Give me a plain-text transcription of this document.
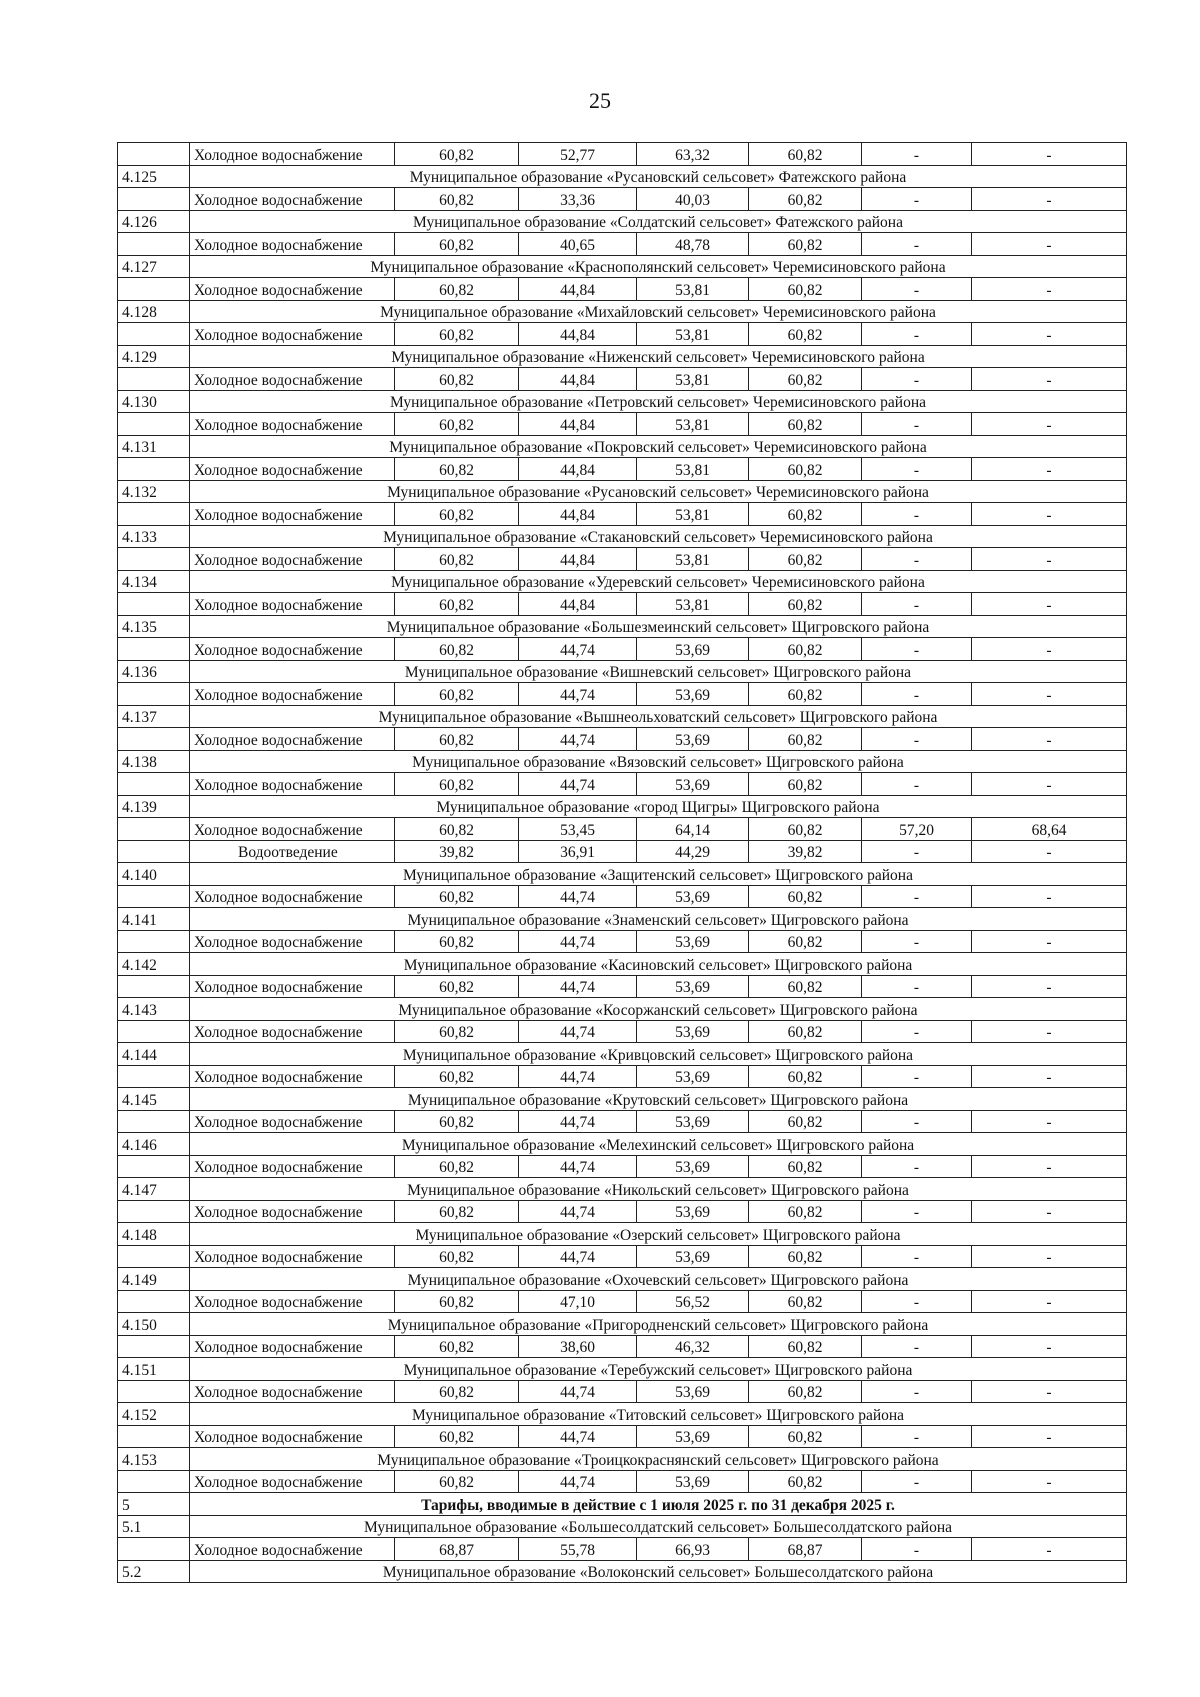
25
	Холодное водоснабжение	60,82	52,77	63,32	60,82	-	-
4.125	Муниципальное образование «Русановский сельсовет» Фатежского района						
	Холодное водоснабжение	60,82	33,36	40,03	60,82	-	-
4.126	Муниципальное образование «Солдатский сельсовет» Фатежского района						
	Холодное водоснабжение	60,82	40,65	48,78	60,82	-	-
4.127	Муниципальное образование «Краснополянский сельсовет» Черемисиновского района						
	Холодное водоснабжение	60,82	44,84	53,81	60,82	-	-
4.128	Муниципальное образование «Михайловский сельсовет» Черемисиновского района						
	Холодное водоснабжение	60,82	44,84	53,81	60,82	-	-
4.129	Муниципальное образование «Ниженский сельсовет» Черемисиновского района						
	Холодное водоснабжение	60,82	44,84	53,81	60,82	-	-
4.130	Муниципальное образование «Петровский сельсовет» Черемисиновского района						
	Холодное водоснабжение	60,82	44,84	53,81	60,82	-	-
4.131	Муниципальное образование «Покровский сельсовет» Черемисиновского района						
	Холодное водоснабжение	60,82	44,84	53,81	60,82	-	-
4.132	Муниципальное образование «Русановский сельсовет» Черемисиновского района						
	Холодное водоснабжение	60,82	44,84	53,81	60,82	-	-
4.133	Муниципальное образование «Стакановский сельсовет» Черемисиновского района						
	Холодное водоснабжение	60,82	44,84	53,81	60,82	-	-
4.134	Муниципальное образование «Удеревский сельсовет» Черемисиновского района						
	Холодное водоснабжение	60,82	44,84	53,81	60,82	-	-
4.135	Муниципальное образование «Большезмеинский сельсовет» Щигровского района						
	Холодное водоснабжение	60,82	44,74	53,69	60,82	-	-
4.136	Муниципальное образование «Вишневский сельсовет» Щигровского района						
	Холодное водоснабжение	60,82	44,74	53,69	60,82	-	-
4.137	Муниципальное образование «Вышнеольховатский сельсовет» Щигровского района						
	Холодное водоснабжение	60,82	44,74	53,69	60,82	-	-
4.138	Муниципальное образование «Вязовский сельсовет» Щигровского района						
	Холодное водоснабжение	60,82	44,74	53,69	60,82	-	-
4.139	Муниципальное образование «город Щигры» Щигровского района						
	Холодное водоснабжение	60,82	53,45	64,14	60,82	57,20	68,64
	Водоотведение	39,82	36,91	44,29	39,82	-	-
4.140	Муниципальное образование «Защитенский сельсовет» Щигровского района						
	Холодное водоснабжение	60,82	44,74	53,69	60,82	-	-
4.141	Муниципальное образование «Знаменский сельсовет» Щигровского района						
	Холодное водоснабжение	60,82	44,74	53,69	60,82	-	-
4.142	Муниципальное образование «Касиновский сельсовет» Щигровского района						
	Холодное водоснабжение	60,82	44,74	53,69	60,82	-	-
4.143	Муниципальное образование «Косоржанский сельсовет» Щигровского района						
	Холодное водоснабжение	60,82	44,74	53,69	60,82	-	-
4.144	Муниципальное образование «Кривцовский сельсовет» Щигровского района						
	Холодное водоснабжение	60,82	44,74	53,69	60,82	-	-
4.145	Муниципальное образование «Крутовский сельсовет» Щигровского района						
	Холодное водоснабжение	60,82	44,74	53,69	60,82	-	-
4.146	Муниципальное образование «Мелехинский сельсовет» Щигровского района						
	Холодное водоснабжение	60,82	44,74	53,69	60,82	-	-
4.147	Муниципальное образование «Никольский сельсовет» Щигровского района						
	Холодное водоснабжение	60,82	44,74	53,69	60,82	-	-
4.148	Муниципальное образование «Озерский сельсовет» Щигровского района						
	Холодное водоснабжение	60,82	44,74	53,69	60,82	-	-
4.149	Муниципальное образование «Охочевский сельсовет» Щигровского района						
	Холодное водоснабжение	60,82	47,10	56,52	60,82	-	-
4.150	Муниципальное образование «Пригородненский сельсовет» Щигровского района						
	Холодное водоснабжение	60,82	38,60	46,32	60,82	-	-
4.151	Муниципальное образование «Теребужский сельсовет» Щигровского района						
	Холодное водоснабжение	60,82	44,74	53,69	60,82	-	-
4.152	Муниципальное образование «Титовский сельсовет» Щигровского района						
	Холодное водоснабжение	60,82	44,74	53,69	60,82	-	-
4.153	Муниципальное образование «Троицкокраснянский сельсовет» Щигровского района						
	Холодное водоснабжение	60,82	44,74	53,69	60,82	-	-
5	Тарифы, вводимые в действие с 1 июля 2025 г. по 31 декабря 2025 г.						
5.1	Муниципальное образование «Большесолдатский сельсовет» Большесолдатского района						
	Холодное водоснабжение	68,87	55,78	66,93	68,87	-	-
5.2	Муниципальное образование «Волоконский сельсовет» Большесолдатского района						
